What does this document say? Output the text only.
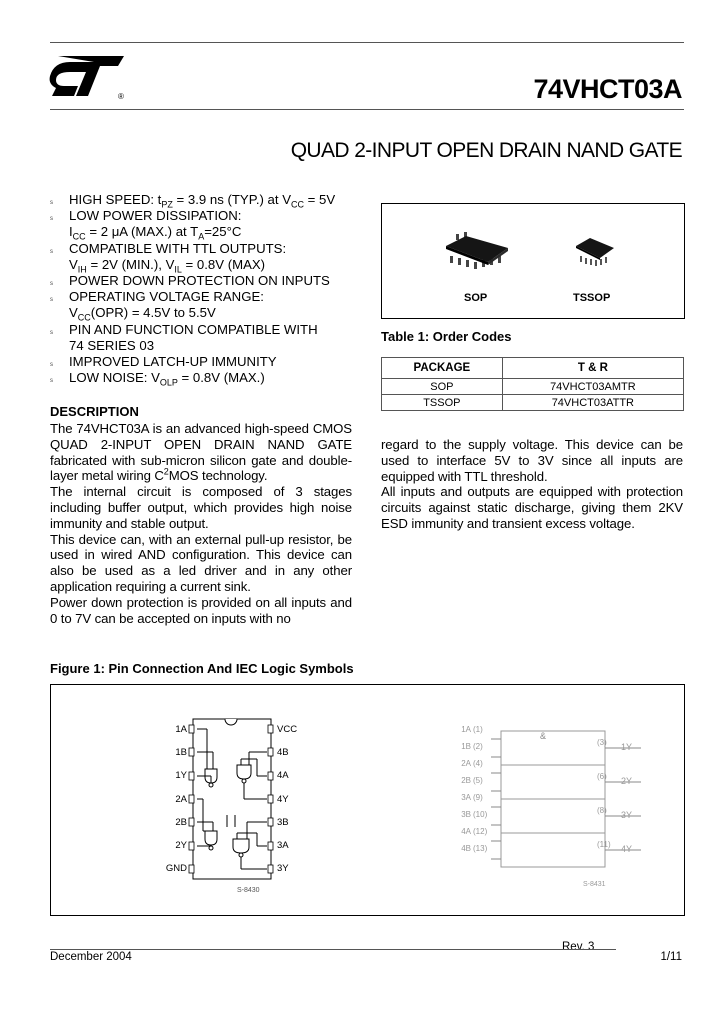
®	74VHCT03A
QUAD 2-INPUT OPEN DRAIN NAND GATE
s HIGH SPEED: $t_{PZ} = 3.9$ ns (TYP.) at $V_{CC} = 5V$
s LOW POWER DISSIPATION:
$I_{CC} = 2$ μA (MAX.) at $T_A=25^\circ C$
s COMPATIBLE WITH TTL OUTPUTS:
$V_{IH} = 2V$ (MIN.), $V_{IL} = 0.8V$ (MAX)
s POWER DOWN PROTECTION ON INPUTS
s OPERATING VOLTAGE RANGE:
$V_{CC}(OPR) = 4.5V$ to 5.5V
s PIN AND FUNCTION COMPATIBLE WITH
74 SERIES 03
s IMPROVED LATCH-UP IMMUNITY
s LOW NOISE: $V_{OLP} = 0.8V$ (MAX.)
DESCRIPTION
The 74VHCT03A is an advanced high-speed CMOS QUAD 2-INPUT OPEN DRAIN NAND GATE fabricated with sub-micron silicon gate and double-layer metal wiring $C^2MOS$ technology.
The internal circuit is composed of 3 stages including buffer output, which provides high noise immunity and stable output.
This device can, with an external pull-up resistor, be used in wired AND configuration. This device can also be used as a led driver and in any other application requiring a current sink.
Power down protection is provided on all inputs and 0 to 7V can be accepted on inputs with no
regard to the supply voltage. This device can be used to interface 5V to 3V since all inputs are equipped with TTL threshold.
All inputs and outputs are equipped with protection circuits against static discharge, giving them 2KV ESD immunity and transient excess voltage.
SOP	TSSOP
Table 1: Order Codes
PACKAGE	T & R
SOP	74VHCT03AMTR
TSSOP	74VHCT03ATTR
Figure 1: Pin Connection And IEC Logic Symbols
1A
1B
1Y
2A
2B
2Y
GND
VCC
4B
4A
4Y
3B
3A
3Y
S-8430
&
1A
1B
2A
2B
3A
3B
4A
4B
(1)
(2)
(4)
(5)
(9)
(10)
(12)
(13)
(3)
(6)
(8)
(11)
1Y
2Y
3Y
4Y
S-8431
Rev. 3
December 2004	1/11
